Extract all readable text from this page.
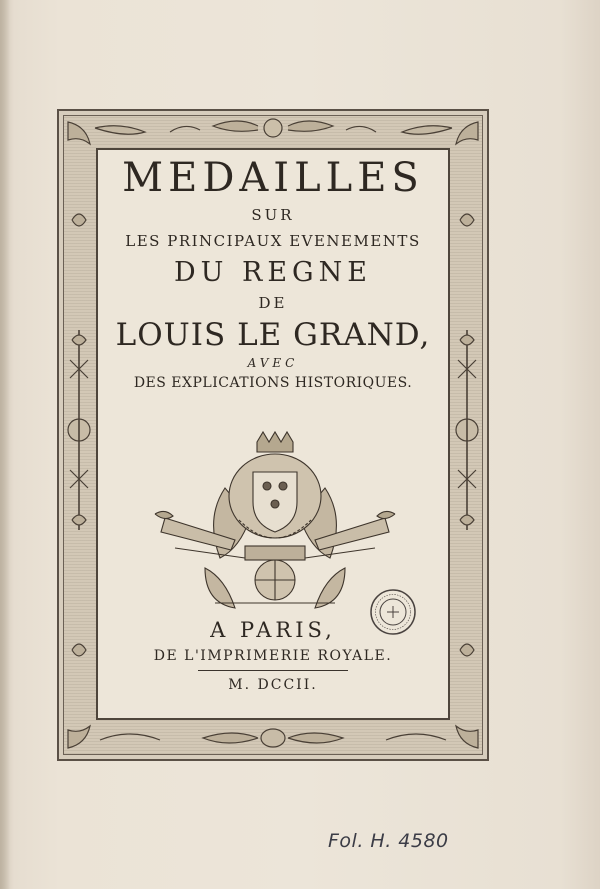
MEDAILLES
SUR
LES PRINCIPAUX EVENEMENTS
DU REGNE
DE
LOUIS LE GRAND,
AVEC
DES EXPLICATIONS HISTORIQUES.
A PARIS,
DE L'IMPRIMERIE ROYALE.
M. DCCII.
Fol. H. 4580
